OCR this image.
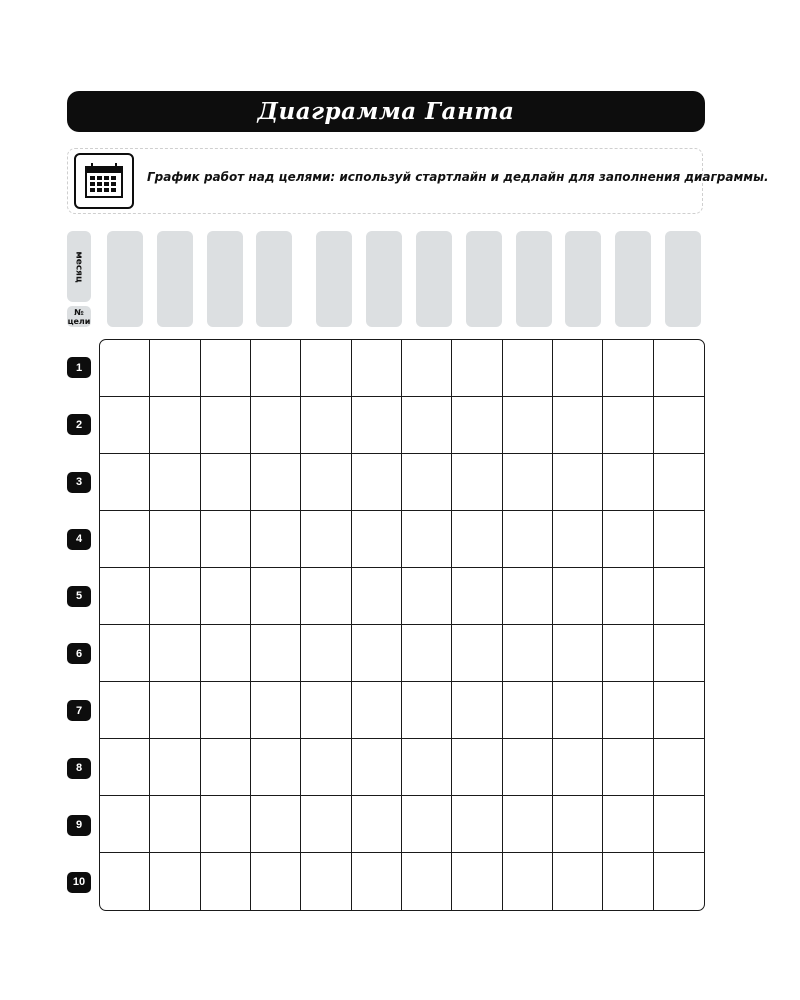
Диаграмма Ганта
График работ над целями: используй стартлайн и дедлайн для заполнения диаграммы.
месяц
№
цели
1
2
3
4
5
6
7
8
9
10
